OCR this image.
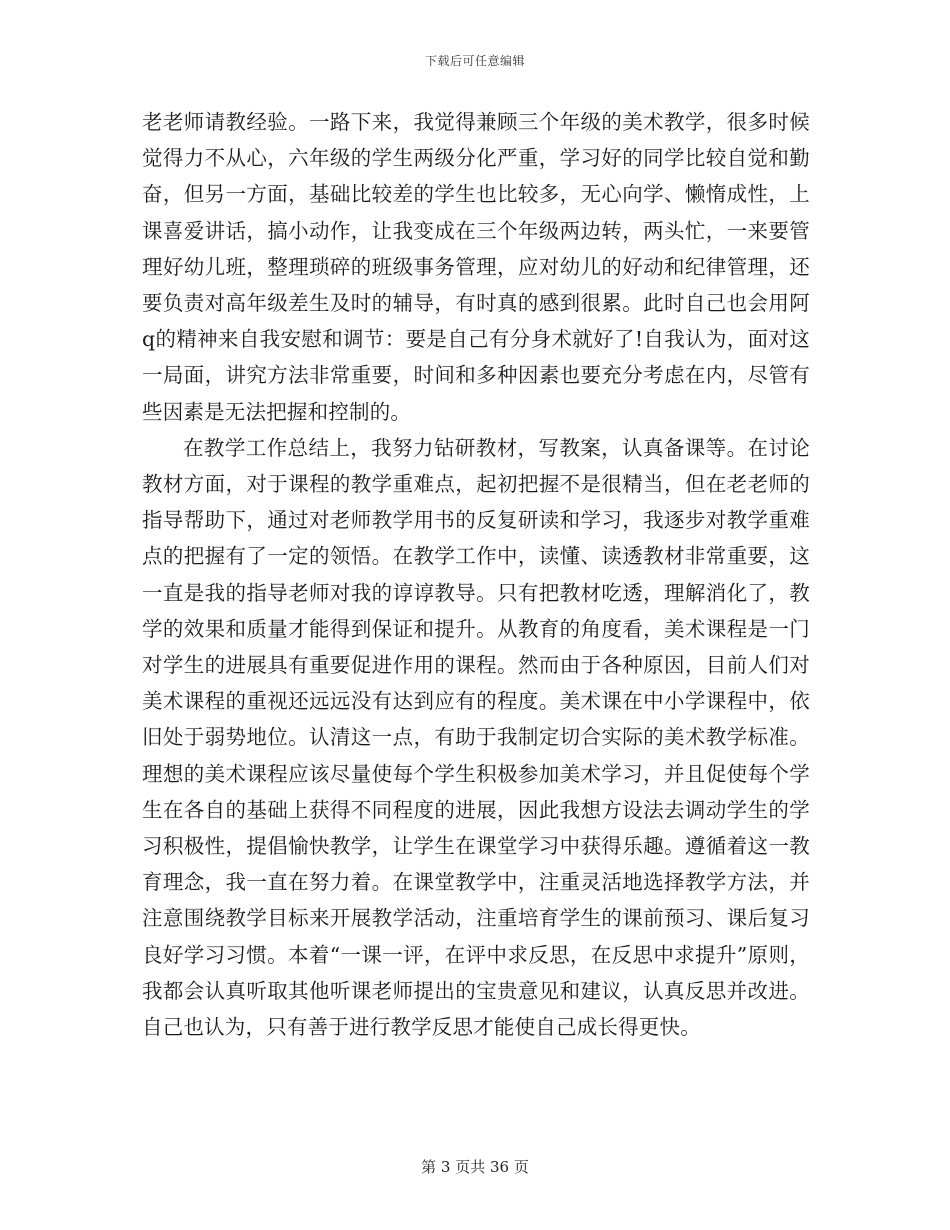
下载后可任意编辑

老老师请教经验。一路下来，我觉得兼顾三个年级的美术教学，很多时候觉得力不从心，六年级的学生两级分化严重，学习好的同学比较自觉和勤奋，但另一方面，基础比较差的学生也比较多，无心向学、懒惰成性，上课喜爱讲话，搞小动作，让我变成在三个年级两边转，两头忙，一来要管理好幼儿班，整理琐碎的班级事务管理，应对幼儿的好动和纪律管理，还要负责对高年级差生及时的辅导，有时真的感到很累。此时自己也会用阿q的精神来自我安慰和调节：要是自己有分身术就好了!自我认为，面对这一局面，讲究方法非常重要，时间和多种因素也要充分考虑在内，尽管有些因素是无法把握和控制的。

在教学工作总结上，我努力钻研教材，写教案，认真备课等。在讨论教材方面，对于课程的教学重难点，起初把握不是很精当，但在老老师的指导帮助下，通过对老师教学用书的反复研读和学习，我逐步对教学重难点的把握有了一定的领悟。在教学工作中，读懂、读透教材非常重要，这一直是我的指导老师对我的谆谆教导。只有把教材吃透，理解消化了，教学的效果和质量才能得到保证和提升。从教育的角度看，美术课程是一门对学生的进展具有重要促进作用的课程。然而由于各种原因，目前人们对美术课程的重视还远远没有达到应有的程度。美术课在中小学课程中，依旧处于弱势地位。认清这一点，有助于我制定切合实际的美术教学标准。理想的美术课程应该尽量使每个学生积极参加美术学习，并且促使每个学生在各自的基础上获得不同程度的进展，因此我想方设法去调动学生的学习积极性，提倡愉快教学，让学生在课堂学习中获得乐趣。遵循着这一教育理念，我一直在努力着。在课堂教学中，注重灵活地选择教学方法，并注意围绕教学目标来开展教学活动，注重培育学生的课前预习、课后复习良好学习习惯。本着“一课一评，在评中求反思，在反思中求提升”原则，我都会认真听取其他听课老师提出的宝贵意见和建议，认真反思并改进。自己也认为，只有善于进行教学反思才能使自己成长得更快。

第 3 页共 36 页
